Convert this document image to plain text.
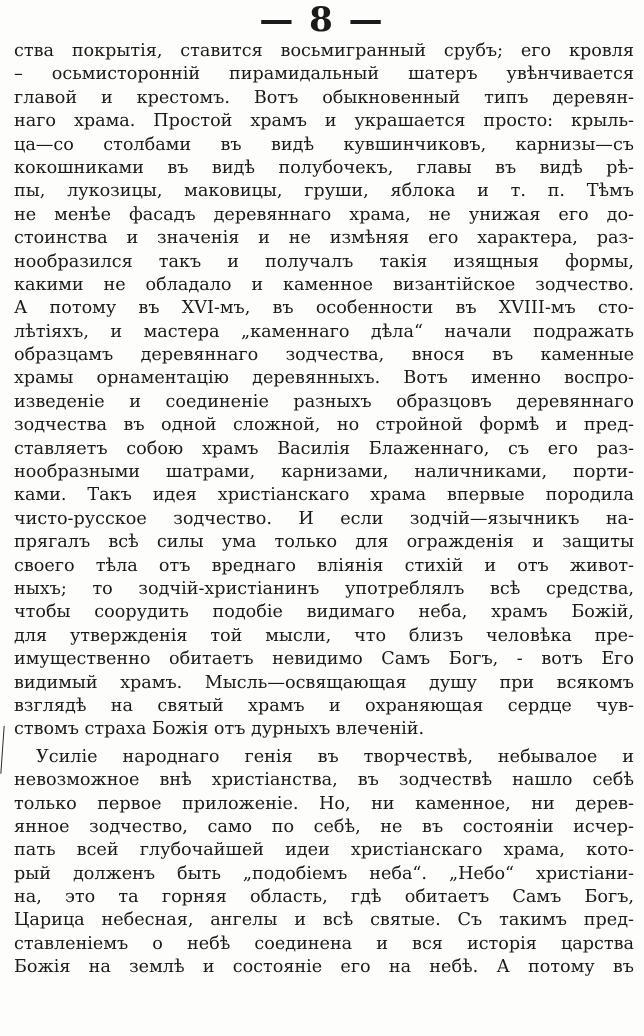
— 8 —
ства покрытія, ставится восьмигранный срубъ; его кровля
– осьмисторонній пирамидальный шатеръ увѣнчивается
главой и крестомъ. Вотъ обыкновенный типъ деревян-
наго храма. Простой храмъ и украшается просто: крыль-
ца—со столбами въ видѣ кувшинчиковъ, карнизы—съ
кокошниками въ видѣ полубочекъ, главы въ видѣ рѣ-
пы, лукозицы, маковицы, груши, яблока и т. п. Тѣмъ
не менѣе фасадъ деревяннаго храма, не унижая его до-
стоинства и значенія и не измѣняя его характера, раз-
нообразился такъ и получалъ такія изящныя формы,
какими не обладало и каменное византійское зодчество.
А потому въ XVI-мъ, въ особенности въ XVIII-мъ сто-
лѣтіяхъ, и мастера „каменнаго дѣла“ начали подражать
образцамъ деревяннаго зодчества, внося въ каменные
храмы орнаментацію деревянныхъ. Вотъ именно воспро-
изведеніе и соединеніе разныхъ образцовъ деревяннаго
зодчества въ одной сложной, но стройной формѣ и пред-
ставляетъ собою храмъ Василія Блаженнаго, съ его раз-
нообразными шатрами, карнизами, наличниками, порти-
ками. Такъ идея христіанскаго храма впервые породила
чисто-русское зодчество. И если зодчій—язычникъ на-
прягалъ всѣ силы ума только для огражденія и защиты
своего тѣла отъ вреднаго вліянія стихій и отъ живот-
ныхъ; то зодчій-христіанинъ употреблялъ всѣ средства,
чтобы соорудить подобіе видимаго неба, храмъ Божій,
для утвержденія той мысли, что близъ человѣка пре-
имущественно обитаетъ невидимо Самъ Богъ, - вотъ Его
видимый храмъ. Мысль—освящающая душу при всякомъ
взглядѣ на святый храмъ и охраняющая сердце чув-
ствомъ страха Божія отъ дурныхъ влеченій.
Усиліе народнаго генія въ творчествѣ, небывалое и
невозможное внѣ христіанства, въ зодчествѣ нашло себѣ
только первое приложеніе. Но, ни каменное, ни дерев-
янное зодчество, само по себѣ, не въ состояніи исчер-
пать всей глубочайшей идеи христіанскаго храма, кото-
рый долженъ быть „подобіемъ неба“. „Небо“ христіани-
на, это та горняя область, гдѣ обитаетъ Самъ Богъ,
Царица небесная, ангелы и всѣ святые. Съ такимъ пред-
ставленіемъ о небѣ соединена и вся исторія царства
Божія на землѣ и состояніе его на небѣ. А потому въ
